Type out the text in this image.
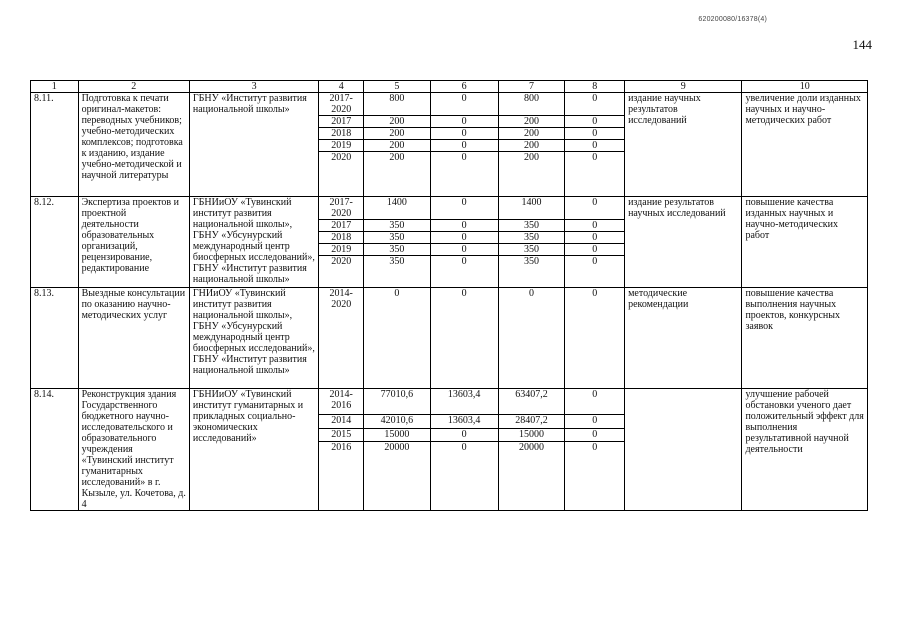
620200080/16378(4)
144
1	2	3	4	5	6	7	8	9	10
8.11.	Подготовка к печати оригинал-макетов: переводных учебников; учебно-методических комплексов; подготовка к изданию, издание учебно-методической и научной литературы	ГБНУ «Институт развития национальной школы»	2017-2020	800	0	800	0	издание научных результатов исследований	увеличение доли изданных научных и научно-методических работ
			2017	200	0	200	0		
			2018	200	0	200	0		
			2019	200	0	200	0		
			2020	200	0	200	0		
8.12.	Экспертиза проектов и проектной деятельности образовательных организаций, рецензирование, редактирование	ГБНИиОУ «Тувинский институт развития национальной школы», ГБНУ «Убсунурский международный центр биосферных исследований», ГБНУ «Институт развития национальной школы»	2017-2020	1400	0	1400	0	издание результатов научных исследований	повышение качества изданных научных и научно-методических работ
			2017	350	0	350	0		
			2018	350	0	350	0		
			2019	350	0	350	0		
			2020	350	0	350	0		
8.13.	Выездные консультации по оказанию научно-методических услуг	ГНИиОУ «Тувинский институт развития национальной школы», ГБНУ «Убсунурский международный центр биосферных исследований», ГБНУ «Институт развития национальной школы»	2014-2020	0	0	0	0	методические рекомендации	повышение качества выполнения научных проектов, конкурсных заявок
8.14.	Реконструкция здания Государственного бюджетного научно-исследовательского и образовательного учреждения «Тувинский институт гуманитарных исследований» в г. Кызыле, ул. Кочетова, д. 4	ГБНИиОУ «Тувинский институт гуманитарных и прикладных социально-экономических исследований»	2014-2016	77010,6	13603,4	63407,2	0		улучшение рабочей обстановки ученого дает положительный эффект для выполнения результативной научной деятельности
			2014	42010,6	13603,4	28407,2	0		
			2015	15000	0	15000	0		
			2016	20000	0	20000	0		
